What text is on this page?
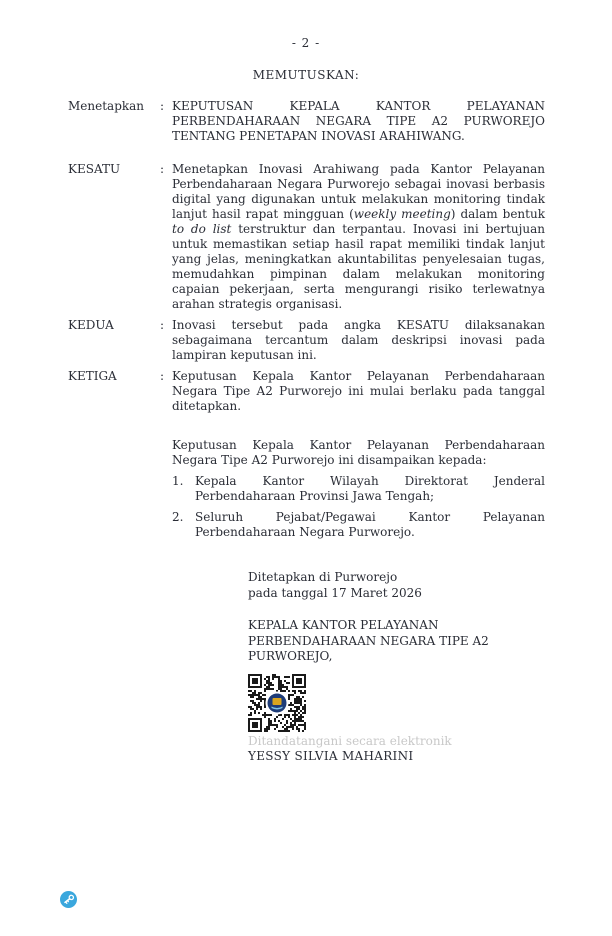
- 2 -
MEMUTUSKAN:
Menetapkan	: KEPUTUSAN KEPALA KANTOR PELAYANAN PERBENDAHARAAN NEGARA TIPE A2 PURWOREJO TENTANG PENETAPAN INOVASI ARAHIWANG.
KESATU	: Menetapkan Inovasi Arahiwang pada Kantor Pelayanan Perbendaharaan Negara Purworejo sebagai inovasi berbasis digital yang digunakan untuk melakukan monitoring tindak lanjut hasil rapat mingguan (weekly meeting) dalam bentuk to do list terstruktur dan terpantau. Inovasi ini bertujuan untuk memastikan setiap hasil rapat memiliki tindak lanjut yang jelas, meningkatkan akuntabilitas penyelesaian tugas, memudahkan pimpinan dalam melakukan monitoring capaian pekerjaan, serta mengurangi risiko terlewatnya arahan strategis organisasi.
KEDUA	: Inovasi tersebut pada angka KESATU dilaksanakan sebagaimana tercantum dalam deskripsi inovasi pada lampiran keputusan ini.
KETIGA	: Keputusan Kepala Kantor Pelayanan Perbendaharaan Negara Tipe A2 Purworejo ini mulai berlaku pada tanggal ditetapkan.
Keputusan Kepala Kantor Pelayanan Perbendaharaan Negara Tipe A2 Purworejo ini disampaikan kepada:
1. Kepala Kantor Wilayah Direktorat Jenderal Perbendaharaan Provinsi Jawa Tengah;
2. Seluruh Pejabat/Pegawai Kantor Pelayanan Perbendaharaan Negara Purworejo.
Ditetapkan di Purworejo
pada tanggal 17 Maret 2026
KEPALA KANTOR PELAYANAN
PERBENDAHARAAN NEGARA TIPE A2
PURWOREJO,
Ditandatangani secara elektronik
YESSY SILVIA MAHARINI
